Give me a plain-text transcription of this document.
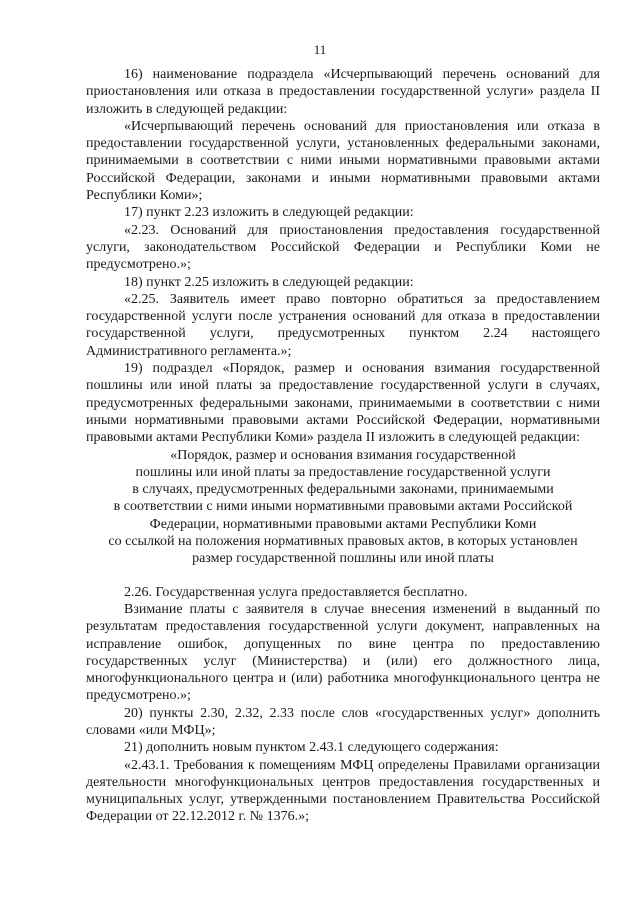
11

16) наименование подраздела «Исчерпывающий перечень оснований для приостановления или отказа в предоставлении государственной услуги» раздела II изложить в следующей редакции:

«Исчерпывающий перечень оснований для приостановления или отказа в предоставлении государственной услуги, установленных федеральными законами, принимаемыми в соответствии с ними иными нормативными правовыми актами Российской Федерации, законами и иными нормативными правовыми актами Республики Коми»;

17) пункт 2.23 изложить в следующей редакции:

«2.23. Оснований для приостановления предоставления государственной услуги, законодательством Российской Федерации и Республики Коми не предусмотрено.»;

18) пункт 2.25 изложить в следующей редакции:

«2.25. Заявитель имеет право повторно обратиться за предоставлением государственной услуги после устранения оснований для отказа в предоставлении государственной услуги, предусмотренных пунктом 2.24 настоящего Административного регламента.»;

19) подраздел «Порядок, размер и основания взимания государственной пошлины или иной платы за предоставление государственной услуги в случаях, предусмотренных федеральными законами, принимаемыми в соответствии с ними иными нормативными правовыми актами Российской Федерации, нормативными правовыми актами Республики Коми» раздела II изложить в следующей редакции:

«Порядок, размер и основания взимания государственной
пошлины или иной платы за предоставление государственной услуги
в случаях, предусмотренных федеральными законами, принимаемыми
в соответствии с ними иными нормативными правовыми актами Российской
Федерации, нормативными правовыми актами Республики Коми
со ссылкой на положения нормативных правовых актов, в которых установлен
размер государственной пошлины или иной платы

2.26. Государственная услуга предоставляется бесплатно.

Взимание платы с заявителя в случае внесения изменений в выданный по результатам предоставления государственной услуги документ, направленных на исправление ошибок, допущенных по вине центра по предоставлению государственных услуг (Министерства) и (или) его должностного лица, многофункционального центра и (или) работника многофункционального центра не предусмотрено.»;

20) пункты 2.30, 2.32, 2.33 после слов «государственных услуг» дополнить словами «или МФЦ»;

21) дополнить новым пунктом 2.43.1 следующего содержания:

«2.43.1. Требования к помещениям МФЦ определены Правилами организации деятельности многофункциональных центров предоставления государственных и муниципальных услуг, утвержденными постановлением Правительства Российской Федерации от 22.12.2012 г. № 1376.»;
